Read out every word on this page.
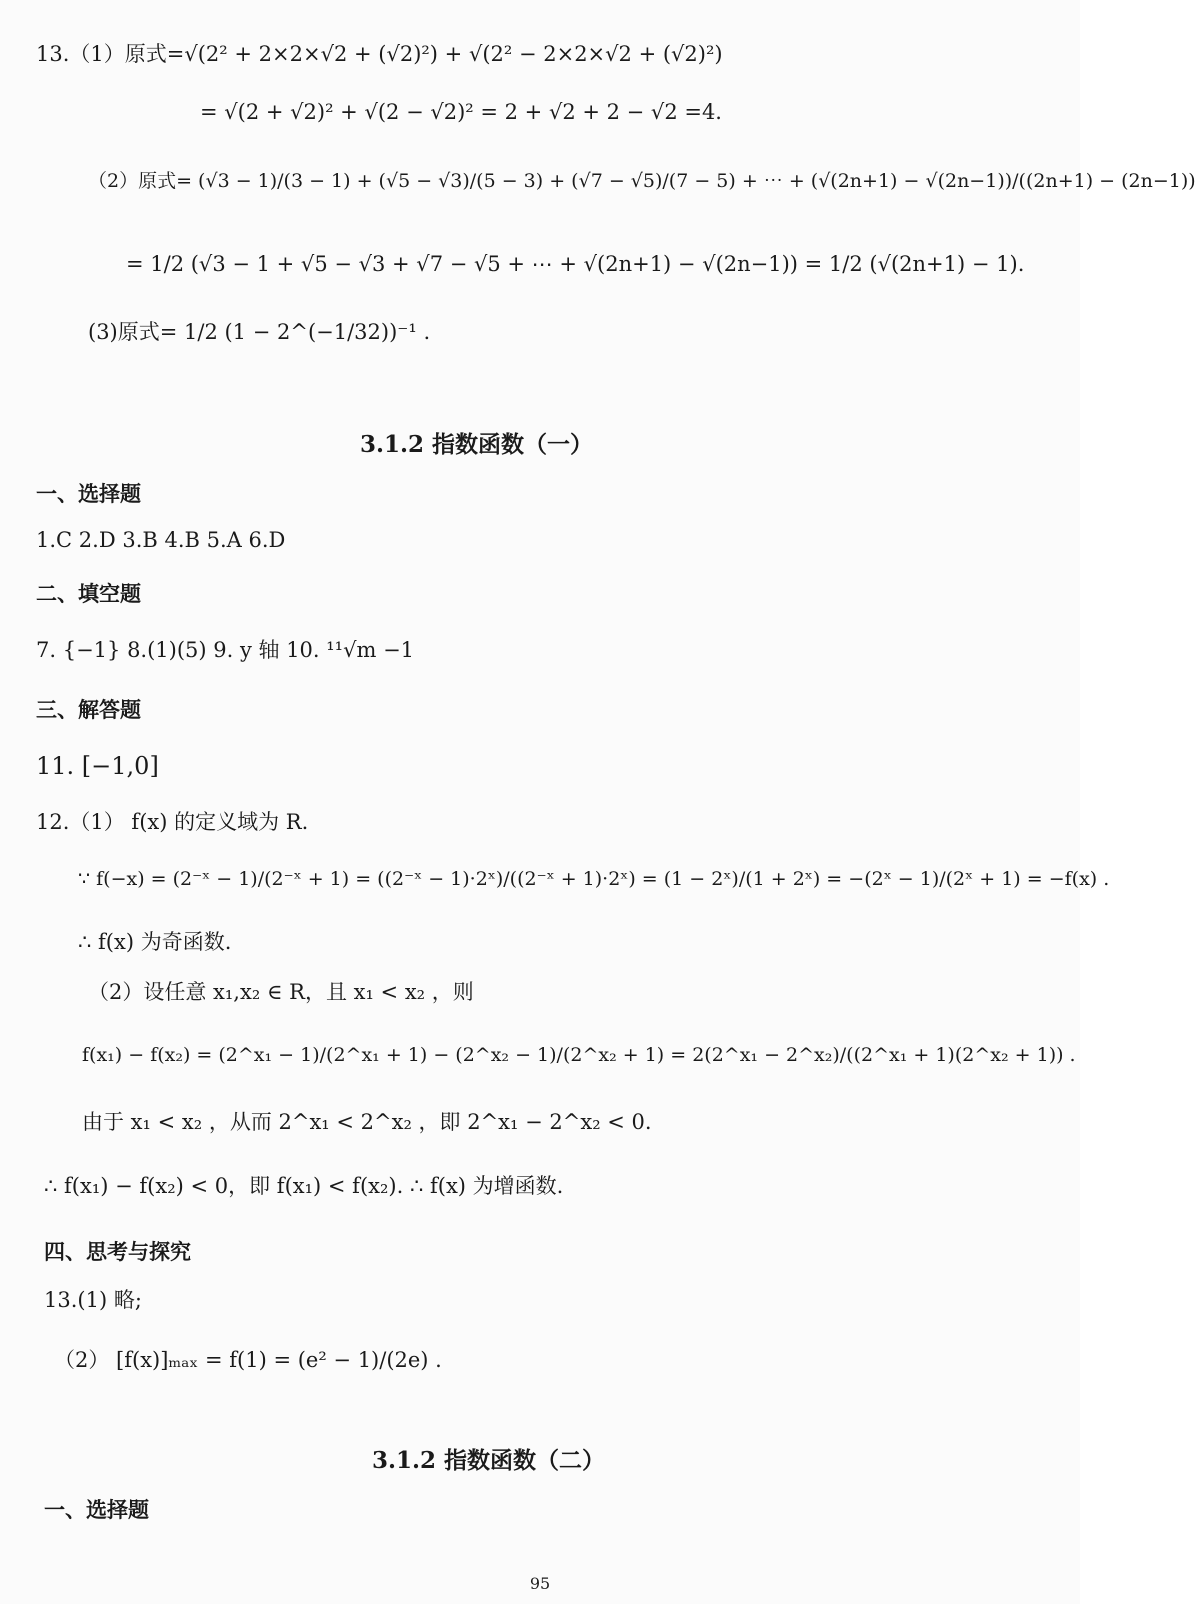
13.（1）原式=√(2² + 2×2×√2 + (√2)²) + √(2² − 2×2×√2 + (√2)²)
= √(2 + √2)² + √(2 − √2)² = 2 + √2 + 2 − √2 =4.
（2）原式= (√3 − 1)/(3 − 1) + (√5 − √3)/(5 − 3) + (√7 − √5)/(7 − 5) + ⋯ + (√(2n+1) − √(2n−1))/((2n+1) − (2n−1))
= 1/2 (√3 − 1 + √5 − √3 + √7 − √5 + ⋯ + √(2n+1) − √(2n−1)) = 1/2 (√(2n+1) − 1).
(3)原式= 1/2 (1 − 2^(−1/32))⁻¹ .
3.1.2 指数函数（一）
一、选择题
1.C 2.D 3.B 4.B 5.A 6.D
二、填空题
7. {−1} 8.(1)(5) 9. y 轴 10. ¹¹√m −1
三、解答题
11. [−1,0]
12.（1） f(x) 的定义域为 R.
∵ f(−x) = (2⁻ˣ − 1)/(2⁻ˣ + 1) = ((2⁻ˣ − 1)·2ˣ)/((2⁻ˣ + 1)·2ˣ) = (1 − 2ˣ)/(1 + 2ˣ) = −(2ˣ − 1)/(2ˣ + 1) = −f(x) .
∴ f(x) 为奇函数.
（2）设任意 x₁,x₂ ∈ R，且 x₁ < x₂ ，则
f(x₁) − f(x₂) = (2^x₁ − 1)/(2^x₁ + 1) − (2^x₂ − 1)/(2^x₂ + 1) = 2(2^x₁ − 2^x₂)/((2^x₁ + 1)(2^x₂ + 1)) .
由于 x₁ < x₂ ，从而 2^x₁ < 2^x₂ ，即 2^x₁ − 2^x₂ < 0.
∴ f(x₁) − f(x₂) < 0，即 f(x₁) < f(x₂). ∴ f(x) 为增函数.
四、思考与探究
13.(1) 略;
（2） [f(x)]ₘₐₓ = f(1) = (e² − 1)/(2e) .
3.1.2 指数函数（二）
一、选择题
95
